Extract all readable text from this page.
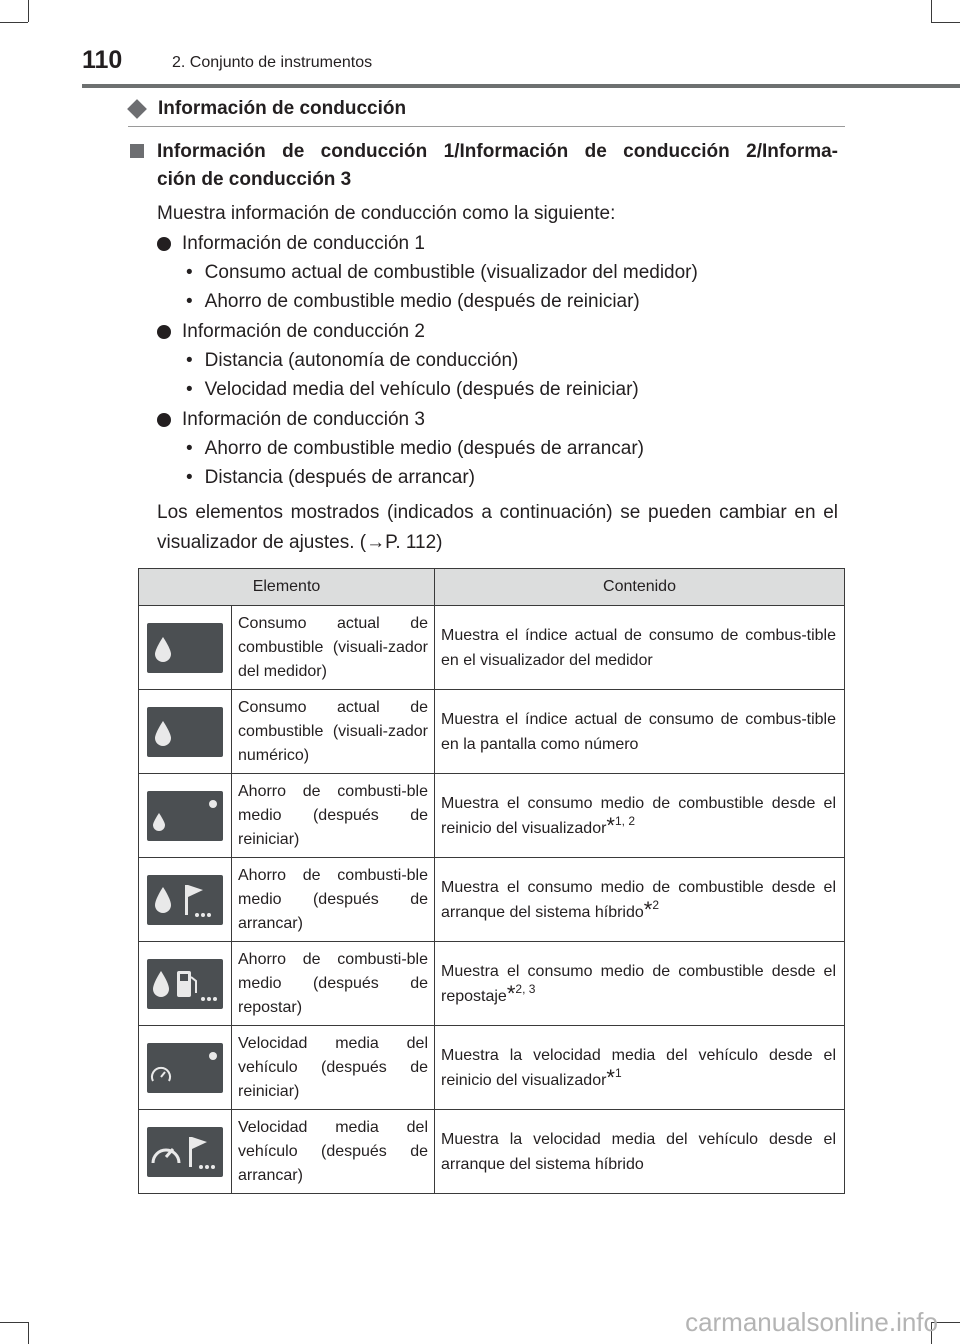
110	2. Conjunto de instrumentos
Información de conducción
Información de conducción 1/Información de conducción 2/Informa-
ción de conducción 3
Muestra información de conducción como la siguiente:
Información de conducción 1
• Consumo actual de combustible (visualizador del medidor)
• Ahorro de combustible medio (después de reiniciar)
Información de conducción 2
• Distancia (autonomía de conducción)
• Velocidad media del vehículo (después de reiniciar)
Información de conducción 3
• Ahorro de combustible medio (después de arrancar)
• Distancia (después de arrancar)
Los elementos mostrados (indicados a continuación) se pueden cambiar en el visualizador de ajustes. (→P. 112)
Elemento		Contenido

	Consumo actual de combustible (visuali-zador del medidor)	Muestra el índice actual de consumo de combus-tible en el visualizador del medidor

	Consumo actual de combustible (visuali-zador numérico)	Muestra el índice actual de consumo de combus-tible en la pantalla como número

	Ahorro de combusti-ble medio (después de reiniciar)	Muestra el consumo medio de combustible desde el reinicio del visualizador*$^{1, 2}$

	Ahorro de combusti-ble medio (después de arrancar)	Muestra el consumo medio de combustible desde el arranque del sistema híbrido*$^2$

	Ahorro de combusti-ble medio (después de repostar)	Muestra el consumo medio de combustible desde el repostaje*$^{2, 3}$

	Velocidad media del vehículo (después de reiniciar)	Muestra la velocidad media del vehículo desde el reinicio del visualizador*$^1$

	Velocidad media del vehículo (después de arrancar)	Muestra la velocidad media del vehículo desde el arranque del sistema híbrido
carmanualsonline.info
